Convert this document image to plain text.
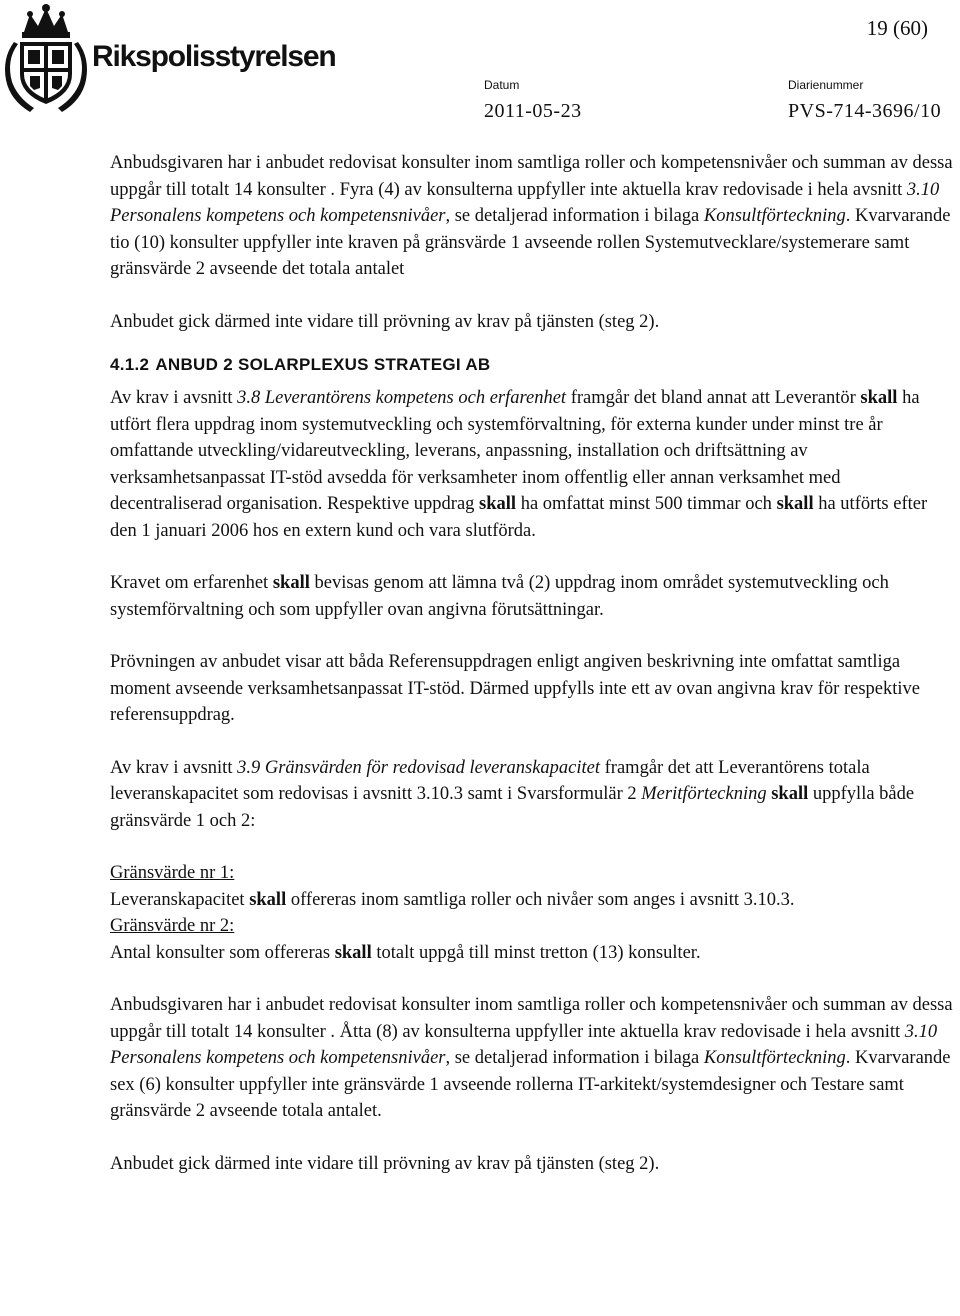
Rikspolisstyrelsen
19 (60)
Datum	Diarienummer
2011-05-23	PVS-714-3696/10

Anbudsgivaren har i anbudet redovisat konsulter inom samtliga roller och kompetensnivåer och summan av dessa uppgår till totalt 14 konsulter . Fyra (4) av konsulterna uppfyller inte aktuella krav redovisade i hela avsnitt 3.10 Personalens kompetens och kompetensnivåer, se detaljerad information i bilaga Konsultförteckning. Kvarvarande tio (10) konsulter uppfyller inte kraven på gränsvärde 1 avseende rollen Systemutvecklare/systemerare samt gränsvärde 2 avseende det totala antalet

Anbudet gick därmed inte vidare till prövning av krav på tjänsten (steg 2).

4.1.2 ANBUD 2 SOLARPLEXUS STRATEGI AB

Av krav i avsnitt 3.8 Leverantörens kompetens och erfarenhet framgår det bland annat att Leverantör skall ha utfört flera uppdrag inom systemutveckling och systemförvaltning, för externa kunder under minst tre år omfattande utveckling/vidareutveckling, leverans, anpassning, installation och driftsättning av verksamhetsanpassat IT-stöd avsedda för verksamheter inom offentlig eller annan verksamhet med decentraliserad organisation. Respektive uppdrag skall ha omfattat minst 500 timmar och skall ha utförts efter den 1 januari 2006 hos en extern kund och vara slutförda.

Kravet om erfarenhet skall bevisas genom att lämna två (2) uppdrag inom området systemutveckling och systemförvaltning och som uppfyller ovan angivna förutsättningar.

Prövningen av anbudet visar att båda Referensuppdragen enligt angiven beskrivning inte omfattat samtliga moment avseende verksamhetsanpassat IT-stöd. Därmed uppfylls inte ett av ovan angivna krav för respektive referensuppdrag.

Av krav i avsnitt 3.9 Gränsvärden för redovisad leveranskapacitet framgår det att Leverantörens totala leveranskapacitet som redovisas i avsnitt 3.10.3 samt i Svarsformulär 2 Meritförteckning skall uppfylla både gränsvärde 1 och 2:

Gränsvärde nr 1:

Leveranskapacitet skall offereras inom samtliga roller och nivåer som anges i avsnitt 3.10.3.

Gränsvärde nr 2:

Antal konsulter som offereras skall totalt uppgå till minst tretton (13) konsulter.

Anbudsgivaren har i anbudet redovisat konsulter inom samtliga roller och kompetensnivåer och summan av dessa uppgår till totalt 14 konsulter . Åtta (8) av konsulterna uppfyller inte aktuella krav redovisade i hela avsnitt 3.10 Personalens kompetens och kompetensnivåer, se detaljerad information i bilaga Konsultförteckning. Kvarvarande sex (6) konsulter uppfyller inte gränsvärde 1 avseende rollerna IT-arkitekt/systemdesigner och Testare samt gränsvärde 2 avseende totala antalet.

Anbudet gick därmed inte vidare till prövning av krav på tjänsten (steg 2).
